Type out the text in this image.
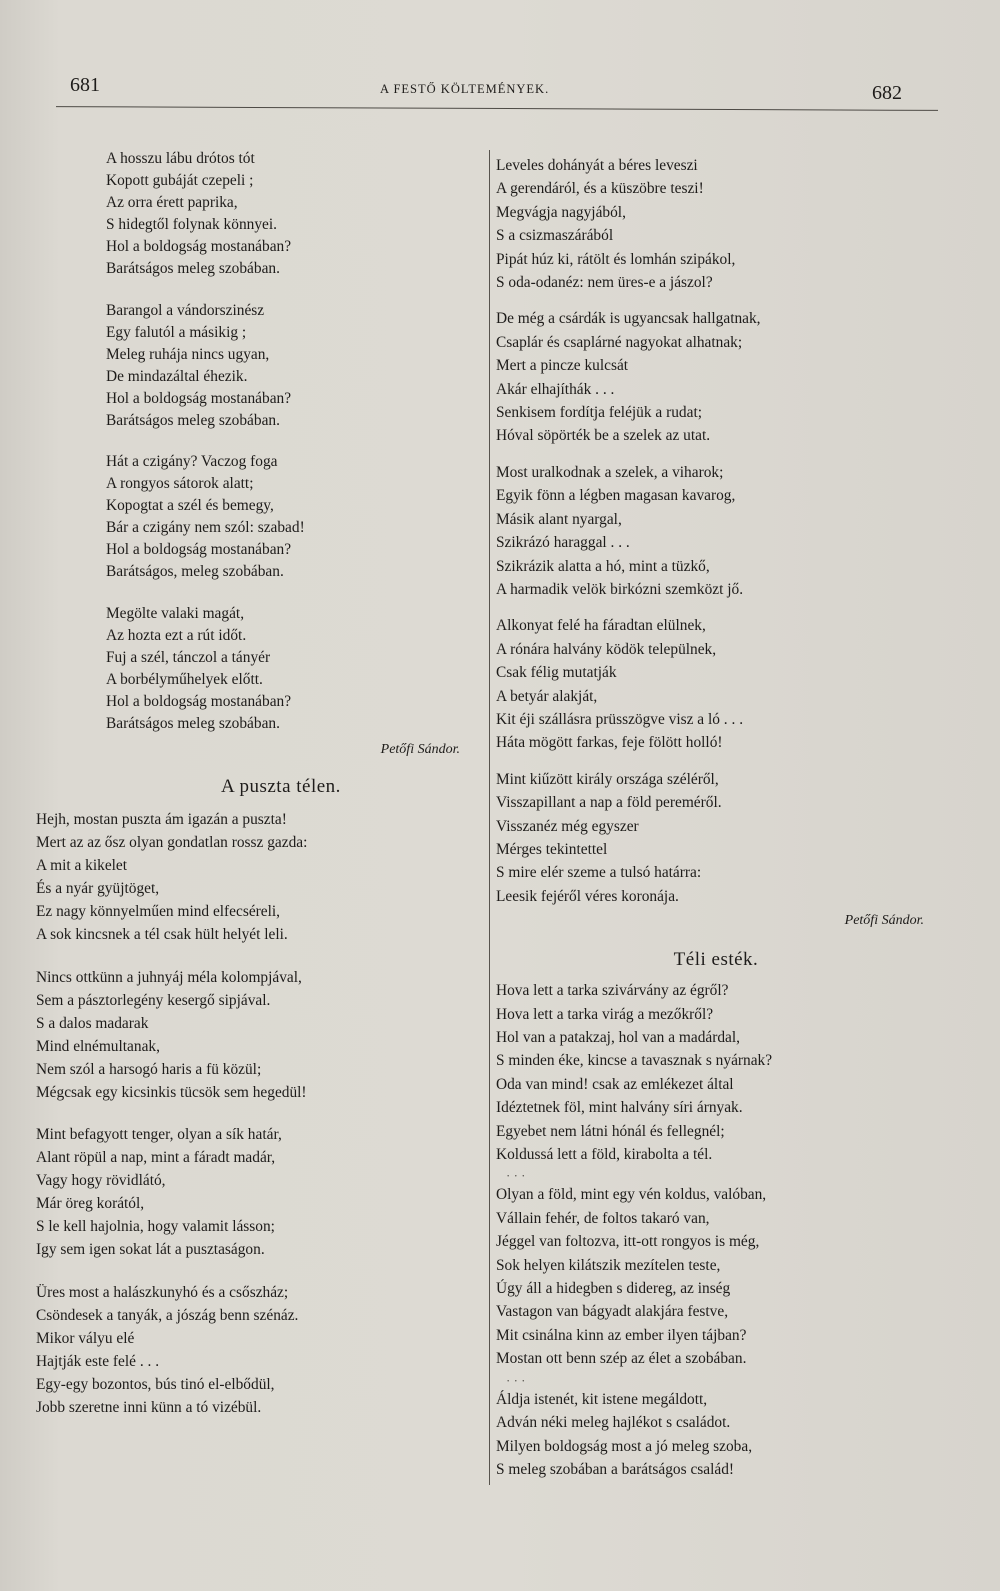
681	A FESTŐ KÖLTEMÉNYEK.	682
A hosszu lábu drótos tót
Kopott gubáját czepeli ;
Az orra érett paprika,
S hidegtől folynak könnyei.
Hol a boldogság mostanában?
Barátságos meleg szobában.
Barangol a vándorszinész
Egy falutól a másikig ;
Meleg ruhája nincs ugyan,
De mindazáltal éhezik.
Hol a boldogság mostanában?
Barátságos meleg szobában.
Hát a czigány? Vaczog foga
A rongyos sátorok alatt;
Kopogtat a szél és bemegy,
Bár a czigány nem szól: szabad!
Hol a boldogság mostanában?
Barátságos, meleg szobában.
Megölte valaki magát,
Az hozta ezt a rút időt.
Fuj a szél, tánczol a tányér
A borbélyműhelyek előtt.
Hol a boldogság mostanában?
Barátságos meleg szobában.
Petőfi Sándor.
A puszta télen.
Hejh, mostan puszta ám igazán a puszta!
Mert az az ősz olyan gondatlan rossz gazda:
A mit a kikelet
És a nyár gyüjtöget,
Ez nagy könnyelműen mind elfecséreli,
A sok kincsnek a tél csak hült helyét leli.
Nincs ottkünn a juhnyáj méla kolompjával,
Sem a pásztorlegény kesergő sipjával.
S a dalos madarak
Mind elnémultanak,
Nem szól a harsogó haris a fü közül;
Mégcsak egy kicsinkis tücsök sem hegedül!
Mint befagyott tenger, olyan a sík határ,
Alant röpül a nap, mint a fáradt madár,
Vagy hogy rövidlátó,
Már öreg korától,
S le kell hajolnia, hogy valamit lásson;
Igy sem igen sokat lát a pusztaságon.
Üres most a halászkunyhó és a csőszház;
Csöndesek a tanyák, a jószág benn szénáz.
Mikor vályu elé
Hajtják este felé . . .
Egy-egy bozontos, bús tinó el-elbődül,
Jobb szeretne inni künn a tó vizébül.
Leveles dohányát a béres leveszi
A gerendáról, és a küszöbre teszi!
Megvágja nagyjából,
S a csizmaszárából
Pipát húz ki, rátölt és lomhán szipákol,
S oda-odanéz: nem üres-e a jászol?
De még a csárdák is ugyancsak hallgatnak,
Csaplár és csaplárné nagyokat alhatnak;
Mert a pincze kulcsát
Akár elhajíthák . . .
Senkisem fordítja feléjük a rudat;
Hóval söpörték be a szelek az utat.
Most uralkodnak a szelek, a viharok;
Egyik fönn a légben magasan kavarog,
Másik alant nyargal,
Szikrázó haraggal . . .
Szikrázik alatta a hó, mint a tüzkő,
A harmadik velök birkózni szemközt jő.
Alkonyat felé ha fáradtan elülnek,
A rónára halvány ködök települnek,
Csak félig mutatják
A betyár alakját,
Kit éji szállásra prüsszögve visz a ló . . .
Háta mögött farkas, feje fölött holló!
Mint kiűzött király országa széléről,
Visszapillant a nap a föld pereméről.
Visszanéz még egyszer
Mérges tekintettel
S mire elér szeme a tulsó határra:
Leesik fejéről véres koronája.
Petőfi Sándor.
Téli esték.
Hova lett a tarka szivárvány az égről?
Hova lett a tarka virág a mezőkről?
Hol van a patakzaj, hol van a madárdal,
S minden éke, kincse a tavasznak s nyárnak?
Oda van mind! csak az emlékezet által
Idéztetnek föl, mint halvány síri árnyak.
Egyebet nem látni hónál és fellegnél;
Koldussá lett a föld, kirabolta a tél.
· · ·
Olyan a föld, mint egy vén koldus, valóban,
Vállain fehér, de foltos takaró van,
Jéggel van foltozva, itt-ott rongyos is még,
Sok helyen kilátszik mezítelen teste,
Úgy áll a hidegben s didereg, az inség
Vastagon van bágyadt alakjára festve,
Mit csinálna kinn az ember ilyen tájban?
Mostan ott benn szép az élet a szobában.
· · ·
Áldja istenét, kit istene megáldott,
Adván néki meleg hajlékot s családot.
Milyen boldogság most a jó meleg szoba,
S meleg szobában a barátságos család!
